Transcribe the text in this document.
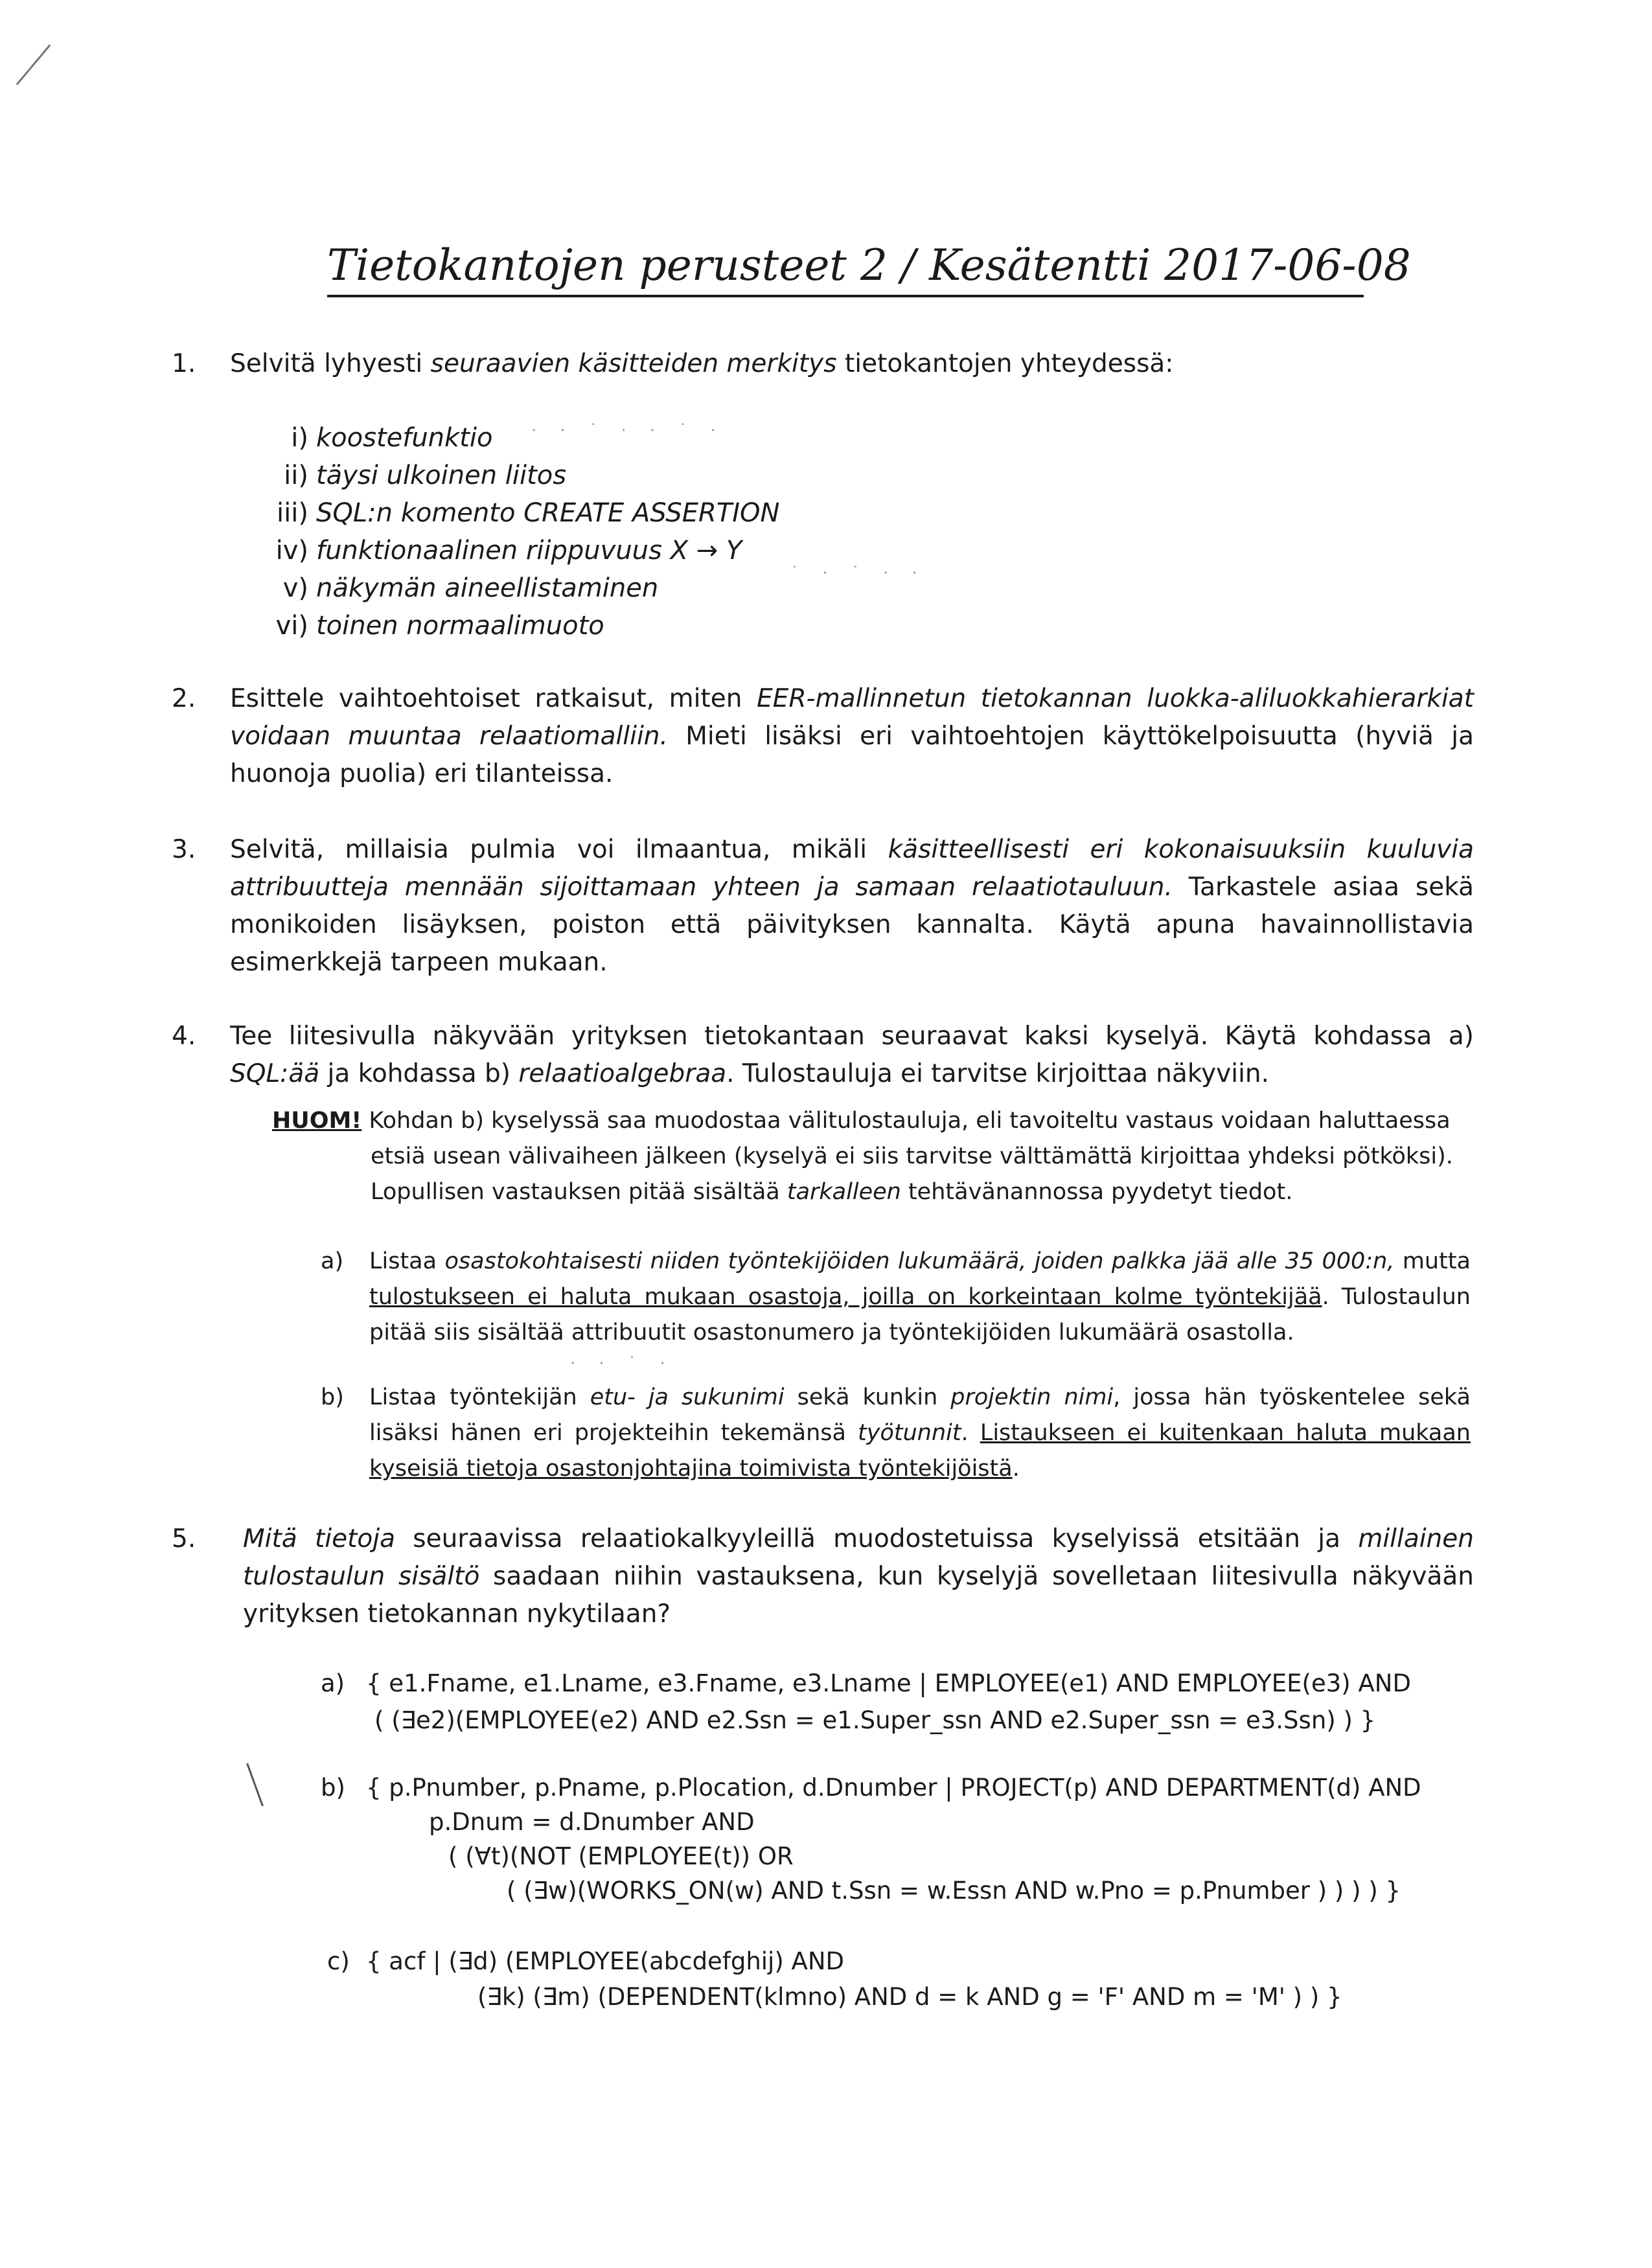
· · ˙ · · ˙ ·
˙ · ˙ · ·
· · ˙ ·
Tietokantojen perusteet 2 / Kesätentti 2017-06-08
1. Selvitä lyhyesti seuraavien käsitteiden merkitys tietokantojen yhteydessä:
i) koostefunktio
ii) täysi ulkoinen liitos
iii) SQL:n komento CREATE ASSERTION
iv) funktionaalinen riippuvuus X → Y
v) näkymän aineellistaminen
vi) toinen normaalimuoto
2. Esittele vaihtoehtoiset ratkaisut, miten EER-mallinnetun tietokannan luokka-aliluokkahierarkiat voidaan muuntaa relaatiomalliin. Mieti lisäksi eri vaihtoehtojen käyttökelpoisuutta (hyviä ja huonoja puolia) eri tilanteissa.
3. Selvitä, millaisia pulmia voi ilmaantua, mikäli käsitteellisesti eri kokonaisuuksiin kuuluvia attribuutteja mennään sijoittamaan yhteen ja samaan relaatiotauluun. Tarkastele asiaa sekä monikoiden lisäyksen, poiston että päivityksen kannalta. Käytä apuna havainnollistavia esimerkkejä tarpeen mukaan.
4. Tee liitesivulla näkyvään yrityksen tietokantaan seuraavat kaksi kyselyä. Käytä kohdassa a) SQL:ää ja kohdassa b) relaatioalgebraa. Tulostauluja ei tarvitse kirjoittaa näkyviin.
HUOM! Kohdan b) kyselyssä saa muodostaa välitulostauluja, eli tavoiteltu vastaus voidaan haluttaessa
etsiä usean välivaiheen jälkeen (kyselyä ei siis tarvitse välttämättä kirjoittaa yhdeksi pötköksi).
Lopullisen vastauksen pitää sisältää tarkalleen tehtävänannossa pyydetyt tiedot.
a) Listaa osastokohtaisesti niiden työntekijöiden lukumäärä, joiden palkka jää alle 35 000:n, mutta tulostukseen ei haluta mukaan osastoja, joilla on korkeintaan kolme työntekijää. Tulostaulun pitää siis sisältää attribuutit osastonumero ja työntekijöiden lukumäärä osastolla.
b) Listaa työntekijän etu- ja sukunimi sekä kunkin projektin nimi, jossa hän työskentelee sekä lisäksi hänen eri projekteihin tekemänsä työtunnit. Listaukseen ei kuitenkaan haluta mukaan kyseisiä tietoja osastonjohtajina toimivista työntekijöistä.
5. Mitä tietoja seuraavissa relaatiokalkyyleillä muodostetuissa kyselyissä etsitään ja millainen tulostaulun sisältö saadaan niihin vastauksena, kun kyselyjä sovelletaan liitesivulla näkyvään yrityksen tietokannan nykytilaan?
a) { e1.Fname, e1.Lname, e3.Fname, e3.Lname | EMPLOYEE(e1) AND EMPLOYEE(e3) AND
( (∃e2)(EMPLOYEE(e2) AND e2.Ssn = e1.Super_ssn AND e2.Super_ssn = e3.Ssn) ) }
b) { p.Pnumber, p.Pname, p.Plocation, d.Dnumber | PROJECT(p) AND DEPARTMENT(d) AND
p.Dnum = d.Dnumber AND
( (∀t)(NOT (EMPLOYEE(t)) OR
( (∃w)(WORKS_ON(w) AND t.Ssn = w.Essn AND w.Pno = p.Pnumber ) ) ) ) }
c) { acf | (∃d) (EMPLOYEE(abcdefghij) AND
(∃k) (∃m) (DEPENDENT(klmno) AND d = k AND g = 'F' AND m = 'M' ) ) }
